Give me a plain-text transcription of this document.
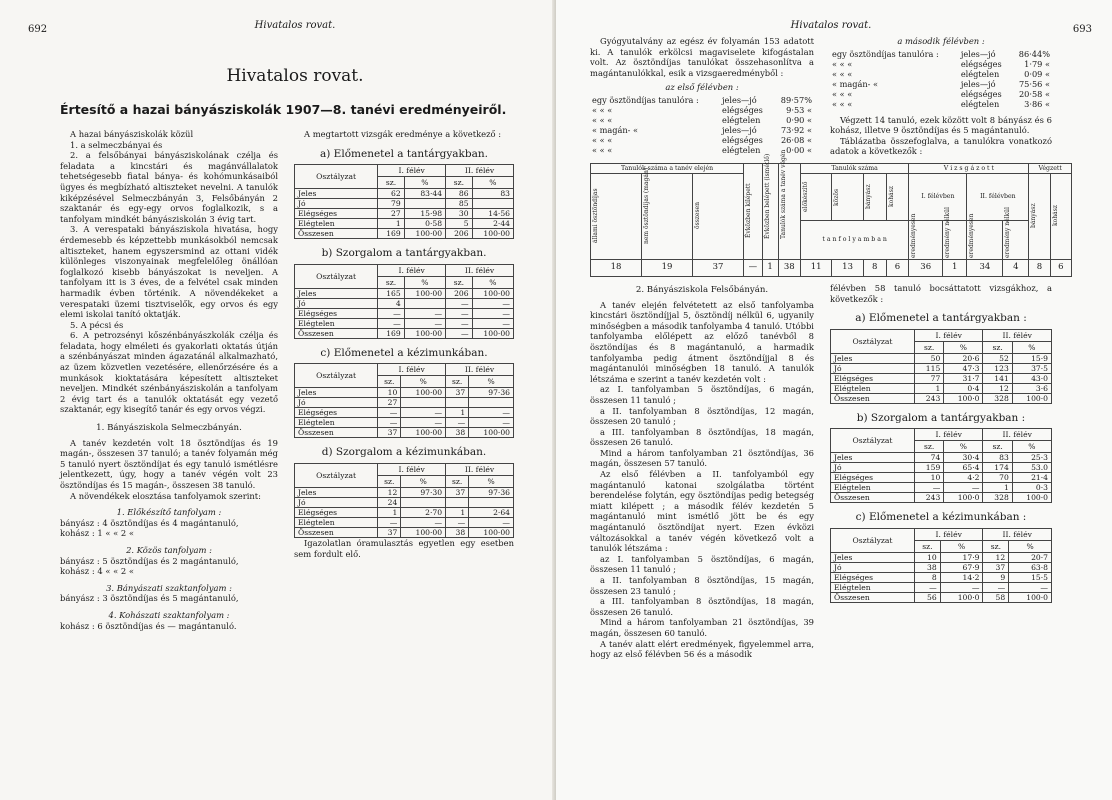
692	Hivatalos rovat.
Hivatalos rovat.
Értesítő a hazai bányásziskolák 1907—8. tanévi eredményeiről.

A hazai bányásziskolák közül

1. a selmeczbányai és

2. a felsőbányai bányásziskolának czélja és feladata a kincstári és magánvállalatok tehetségesebb fiatal bánya- és kohómunkásaiból ügyes és megbízható altiszteket nevelni. A tanulók kiképzésével Selmeczbányán 3, Felsőbányán 2 szaktanár és egy-egy orvos foglalkozik, s a tanfolyam mindkét bányásziskolán 3 évig tart.

3. A verespataki bányásziskola hivatása, hogy érdemesebb és képzettebb munkásokból nemcsak altiszteket, hanem egyszersmind az ottani vidék különleges viszonyainak megfelelőleg önállóan foglalkozó kisebb bányászokat is neveljen. A tanfolyam itt is 3 éves, de a felvétel csak minden harmadik évben történik. A növendékeket a verespataki üzemi tisztviselők, egy orvos és egy elemi iskolai tanító oktatják.

5. A pécsi és

6. A petrozsényi kőszénbányászkolák czélja és feladata, hogy elméleti és gyakorlati oktatás útján a szénbányászat minden ágazatánál alkalmazható, az üzem közvetlen vezetésére, ellenőrzésére és a munkások kioktatására képesített altiszteket neveljen. Mindkét szénbányásziskolán a tanfolyam 2 évig tart és a tanulók oktatását egy vezető szaktanár, egy kisegítő tanár és egy orvos végzi.

1. Bányásziskola Selmeczbányán.

A tanév kezdetén volt 18 ösztöndíjas és 19 magán-, összesen 37 tanuló; a tanév folyamán még 5 tanuló nyert ösztöndíjat és egy tanuló ismétlésre jelentkezett, úgy, hogy a tanév végén volt 23 ösztöndíjas és 15 magán-, összesen 38 tanuló.

A növendékek elosztása tanfolyamok szerint:

1. Előkészítő tanfolyam :

bányász : 4 ösztöndíjas és 4 magántanuló,

kohász : 1 « « 2 «

2. Közös tanfolyam :

bányász : 5 ösztöndíjas és 2 magántanuló,

kohász : 4 « « 2 «

3. Bányászati szaktanfolyam :

bányász : 3 ösztöndíjas és 5 magántanuló,

4. Kohászati szaktanfolyam :

kohász : 6 ösztöndíjas és — magántanuló.

A megtartott vizsgák eredménye a következő :

a) Előmenetel a tantárgyakban.
Osztályzat	I. félév		II. félév	
	sz.	%	sz.	%
Jeles	62	83·44	86	83
Jó	79		85	
Elégséges	27	15·98	30	14·56
Elégtelen	1	0·58	5	2·44
Összesen	169	100·00	206	100·00
b) Szorgalom a tantárgyakban.
Osztályzat	I. félév		II. félév	
	sz.	%	sz.	%
Jeles	165	100·00	206	100·00
Jó	4		—	—
Elégséges	—	—	—	—
Elégtelen	—	—	—	—
Összesen	169	100·00	—	100·00
c) Előmenetel a kézimunkában.
Osztályzat	I. félév		II. félév	
	sz.	%	sz.	%
Jeles	10	100·00	37	97·36
Jó	27			
Elégséges	—	—	1	—
Elégtelen	—	—	—	—
Összesen	37	100·00	38	100·00
d) Szorgalom a kézimunkában.
Osztályzat	I. félév		II. félév	
	sz.	%	sz.	%
Jeles	12	97·30	37	97·36
Jó	24			
Elégséges	1	2·70	1	2·64
Elégtelen	—	—	—	—
Összesen	37	100·00	38	100·00

Igazolatlan óramulasztás egyetlen egy esetben sem fordult elő.

Hivatalos rovat.	693

Gyógyutalvány az egész év folyamán 153 adatott ki. A tanulók erkölcsi magaviselete kifogástalan volt. Az ösztöndíjas tanulókat összehasonlítva a magántanulókkal, esik a vizsgaeredményből :

az első félévben :
egy ösztöndíjas tanulóra :	jeles—jó	89·57%
« « «	elégséges	9·53 «
« « «	elégtelen	0·90 «
« magán- «	jeles—jó	73·92 «
« « «	elégséges	26·08 «
« « «	elégtelen	0·00 «
a második félévben :
egy ösztöndíjas tanulóra :	jeles—jó	86·44%
« « «	elégséges	1·79 «
« « «	elégtelen	0·09 «
« magán- «	jeles—jó	75·56 «
« « «	elégséges	20·58 «
« « «	elégtelen	3·86 «

Végzett 14 tanuló, ezek között volt 8 bányász és 6 kohász, illetve 9 ösztöndíjas és 5 magántanuló.

Táblázatba összefoglalva, a tanulókra vonatkozó adatok a következők :

Tanulók száma a tanév elején			Évközben kilépett	Évközben belépett (ismétlő)	Tanulók száma a tanév végén	Tanulók száma				V i z s g á z o t t				Végzett	

állami ösztöndíjas	nem ösztöndíjas (magán)	összesen				előkészítő	közös	bányász	kohász	I. félévben		II. félévben		bányász	kohász

						t a n f o l y a m b a n				eredményesen	eredmény nélkül	eredményesen	eredmény nélkül		

18	19	37	—	1	38	11	13	8	6	36	1	34	4	8	6
2. Bányásziskola Felsőbányán.

A tanév elején felvétetett az első tanfolyamba kincstári ösztöndíjjal 5, ösztöndíj nélkül 6, ugyanily minőségben a második tanfolyamba 4 tanuló. Utóbbi tanfolyamba előlépett az előző tanévből 8 ösztöndíjas és 8 magántanuló, a harmadik tanfolyamba pedig átment ösztöndíjjal 8 és magántanulói minőségben 18 tanuló. A tanulók létszáma e szerint a tanév kezdetén volt :

az I. tanfolyamban 5 ösztöndíjas, 6 magán, összesen 11 tanuló ;

a II. tanfolyamban 8 ösztöndíjas, 12 magán, összesen 20 tanuló ;

a III. tanfolyamban 8 ösztöndíjas, 18 magán, összesen 26 tanuló.

Mind a három tanfolyamban 21 ösztöndíjas, 36 magán, összesen 57 tanuló.

Az első félévben a II. tanfolyamból egy magántanuló katonai szolgálatba történt berendelése folytán, egy ösztöndíjas pedig betegség miatt kilépett ; a második félév kezdetén 5 magántanuló mint ismétlő jött be és egy magántanuló ösztöndíjat nyert. Ezen évközi változásokkal a tanév végén következő volt a tanulók létszáma :

az I. tanfolyamban 5 ösztöndíjas, 6 magán, összesen 11 tanuló ;

a II. tanfolyamban 8 ösztöndíjas, 15 magán, összesen 23 tanuló ;

a III. tanfolyamban 8 ösztöndíjas, 18 magán, összesen 26 tanuló.

Mind a három tanfolyamban 21 ösztöndíjas, 39 magán, összesen 60 tanuló.

A tanév alatt elért eredmények, figyelemmel arra, hogy az első félévben 56 és a második

félévben 58 tanuló bocsáttatott vizsgákhoz, a következők :

a) Előmenetel a tantárgyakban :
Osztályzat	I. félév		II. félév	
	sz.	%	sz.	%
Jeles	50	20·6	52	15·9
Jó	115	47·3	123	37·5
Elégséges	77	31·7	141	43·0
Elégtelen	1	0·4	12	3·6
Összesen	243	100·0	328	100·0
b) Szorgalom a tantárgyakban :
Osztályzat	I. félév		II. félév	
	sz.	%	sz.	%
Jeles	74	30·4	83	25·3
Jó	159	65·4	174	53.0
Elégséges	10	4·2	70	21·4
Elégtelen	—	—	1	0·3
Összesen	243	100·0	328	100·0
c) Előmenetel a kézimunkában :
Osztályzat	I. félév		II. félév	
	sz.	%	sz.	%
Jeles	10	17·9	12	20·7
Jó	38	67·9	37	63·8
Elégséges	8	14·2	9	15·5
Elégtelen	—	—	—	—
Összesen	56	100·0	58	100·0
